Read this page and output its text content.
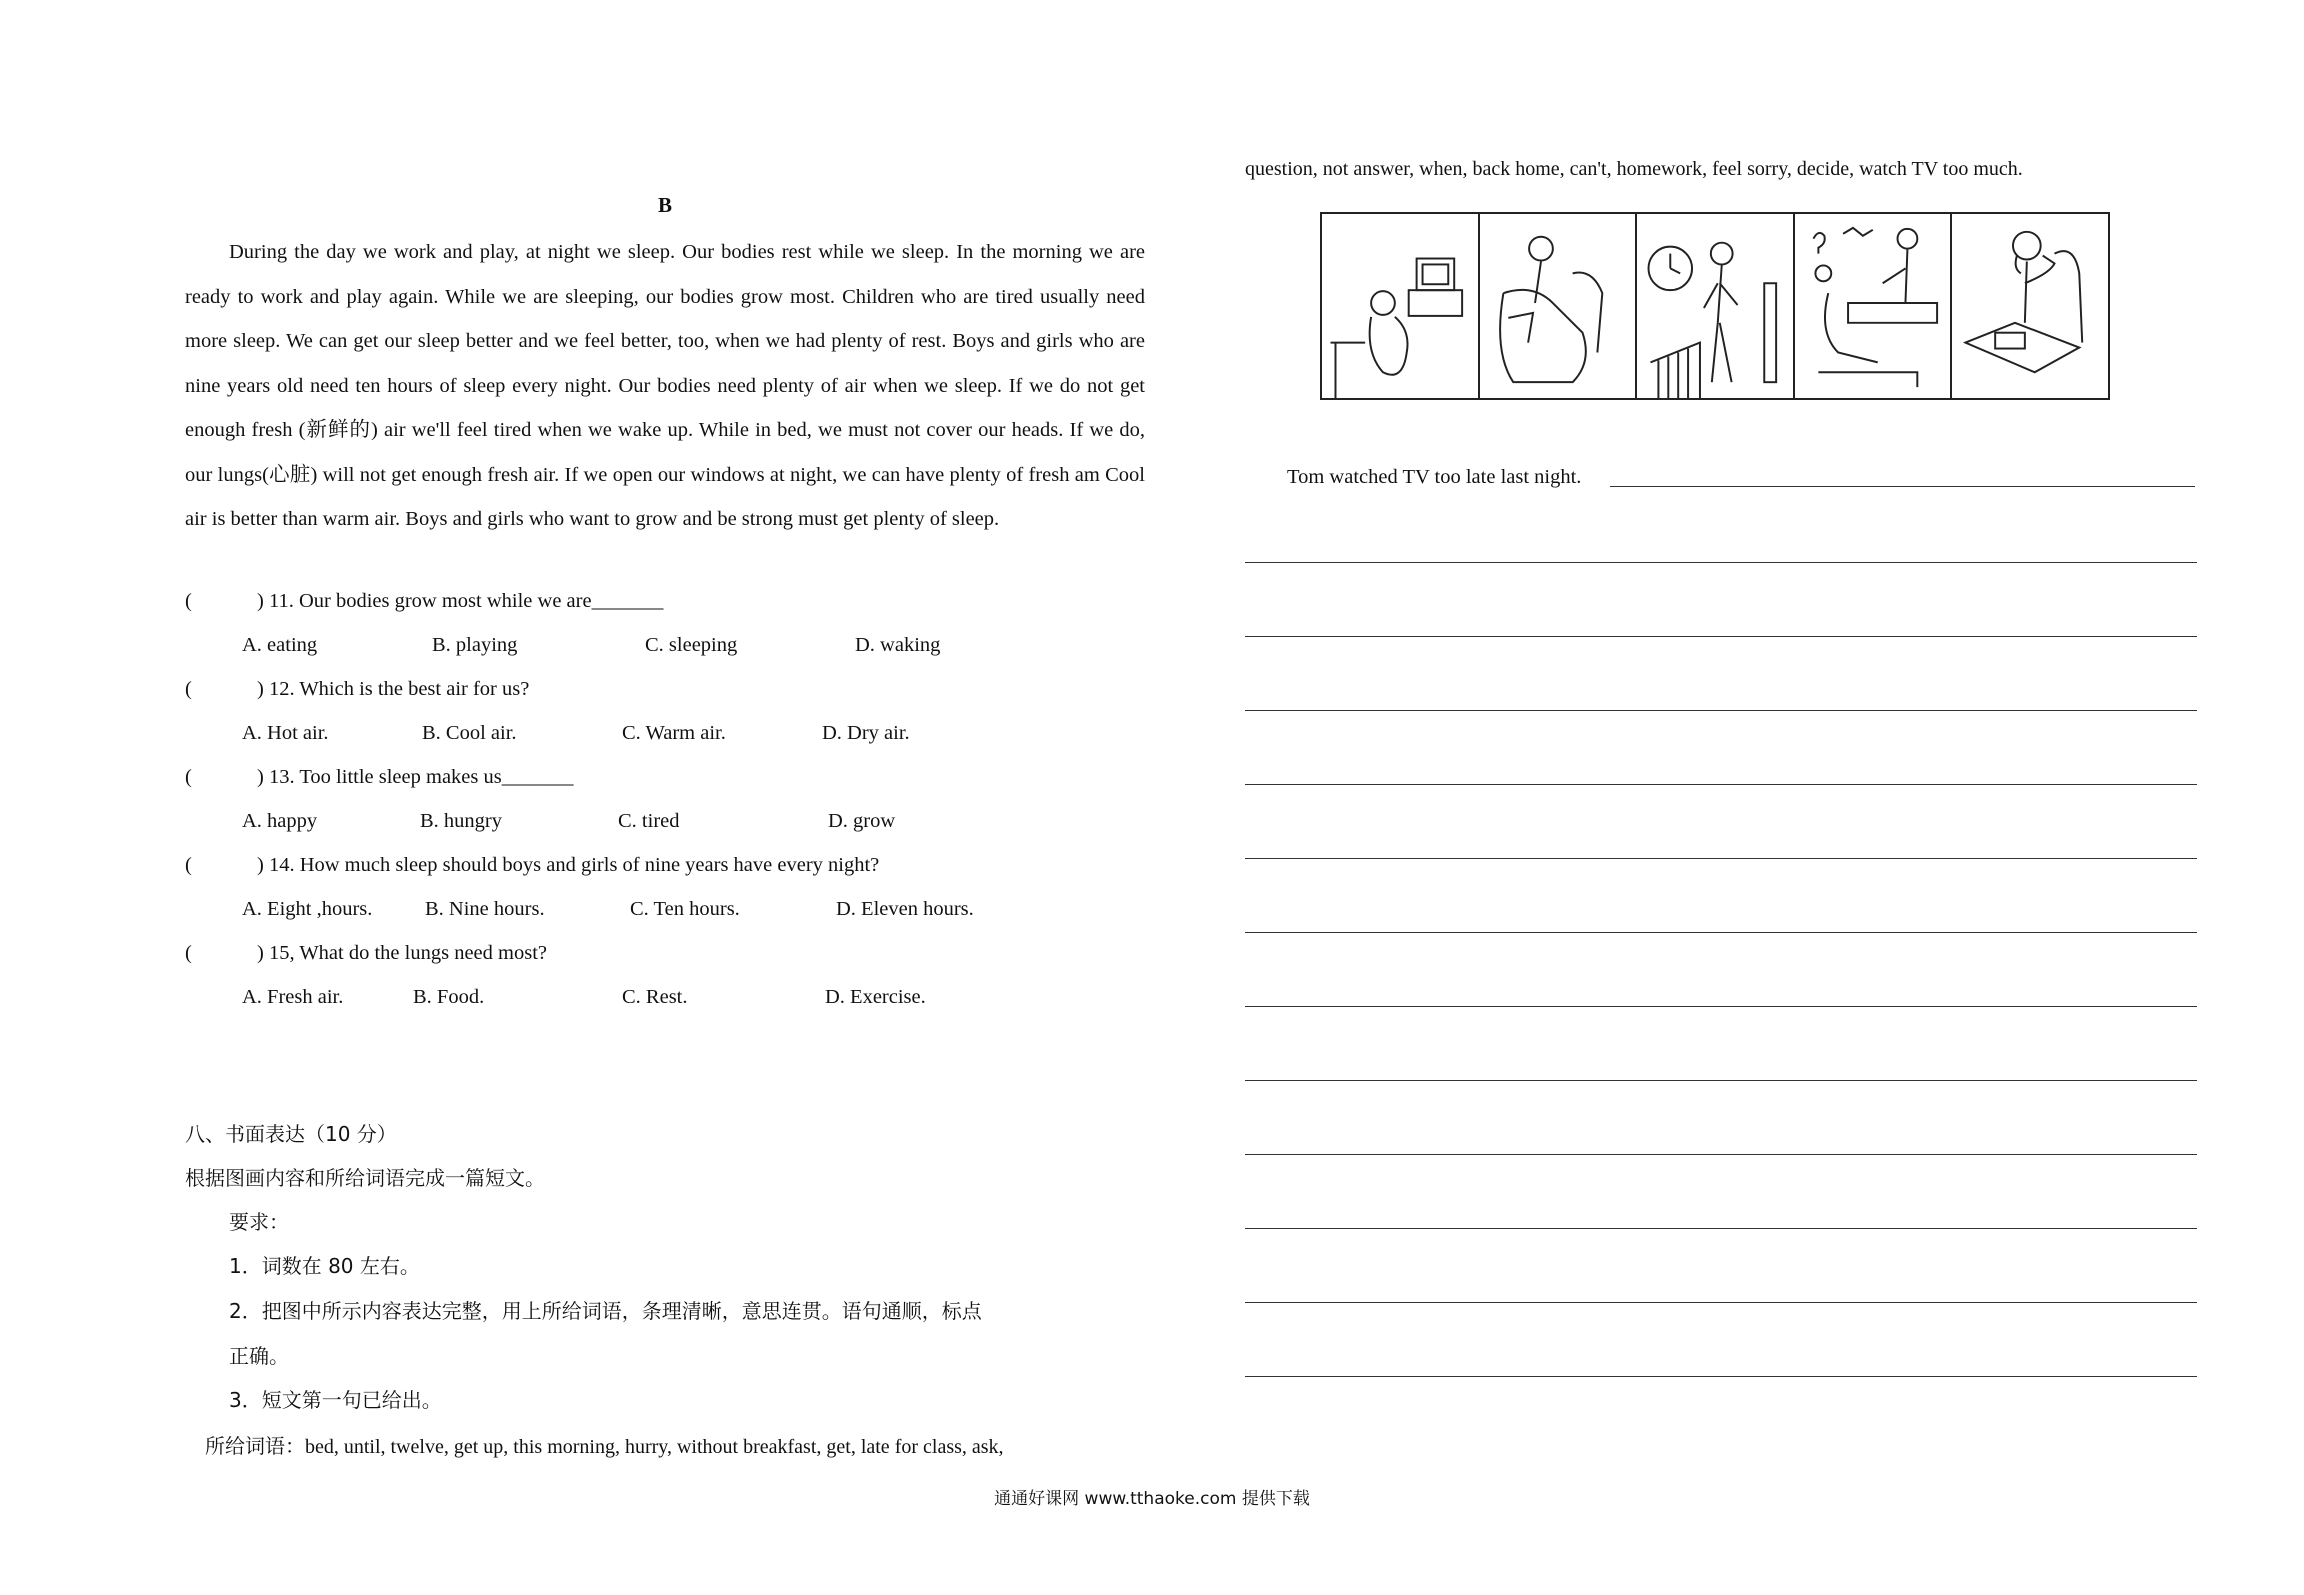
B
During the day we work and play, at night we sleep. Our bodies rest while we sleep. In the morning we are ready to work and play again. While we are sleeping, our bodies grow most. Children who are tired usually need more sleep. We can get our sleep better and we feel better, too, when we had plenty of rest. Boys and girls who are nine years old need ten hours of sleep every night. Our bodies need plenty of air when we sleep. If we do not get enough fresh (新鲜的) air we'll feel tired when we wake up. While in bed, we must not cover our heads. If we do, our lungs(心脏) will not get enough fresh air. If we open our windows at night, we can have plenty of fresh am Cool air is better than warm air. Boys and girls who want to grow and be strong must get plenty of sleep.
(	) 11. Our bodies grow most while we are_______
A. eating	B. playing	C. sleeping	D. waking
(	) 12. Which is the best air for us?
A. Hot air.	B. Cool air.	C. Warm air.	D. Dry air.
(	) 13. Too little sleep makes us_______
A. happy	B. hungry	C. tired	D. grow
(	) 14. How much sleep should boys and girls of nine years have every night?
A. Eight ,hours.	B. Nine hours.	C. Ten hours.	D. Eleven hours.
(	) 15, What do the lungs need most?
A. Fresh air.	B. Food.	C. Rest.	D. Exercise.
八、书面表达（10 分）
根据图画内容和所给词语完成一篇短文。
要求：
1．词数在 80 左右。
2．把图中所示内容表达完整，用上所给词语，条理清晰，意思连贯。语句通顺，标点
正确。
3．短文第一句已给出。
所给词语：bed, until, twelve, get up, this morning, hurry, without breakfast, get, late for class, ask,
question, not answer, when, back home, can't, homework, feel sorry, decide, watch TV too much.
Tom watched TV too late last night.
通通好课网 www.tthaoke.com 提供下载
